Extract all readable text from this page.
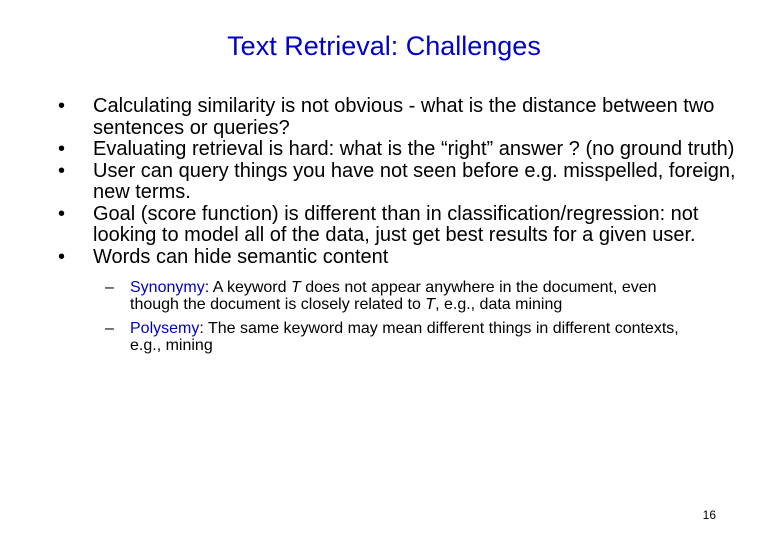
Text Retrieval: Challenges
•	Calculating similarity is not obvious - what is the distance between two sentences or queries?
•	Evaluating retrieval is hard: what is the “right” answer ? (no ground truth)
•	User can query things you have not seen before e.g. misspelled, foreign, new terms.
•	Goal (score function) is different than in classification/regression: not looking to model all of the data, just get best results for a given user.
•	Words can hide semantic content
– Synonymy: A keyword T does not appear anywhere in the document, even though the document is closely related to T, e.g., data mining
– Polysemy: The same keyword may mean different things in different contexts, e.g., mining
16
